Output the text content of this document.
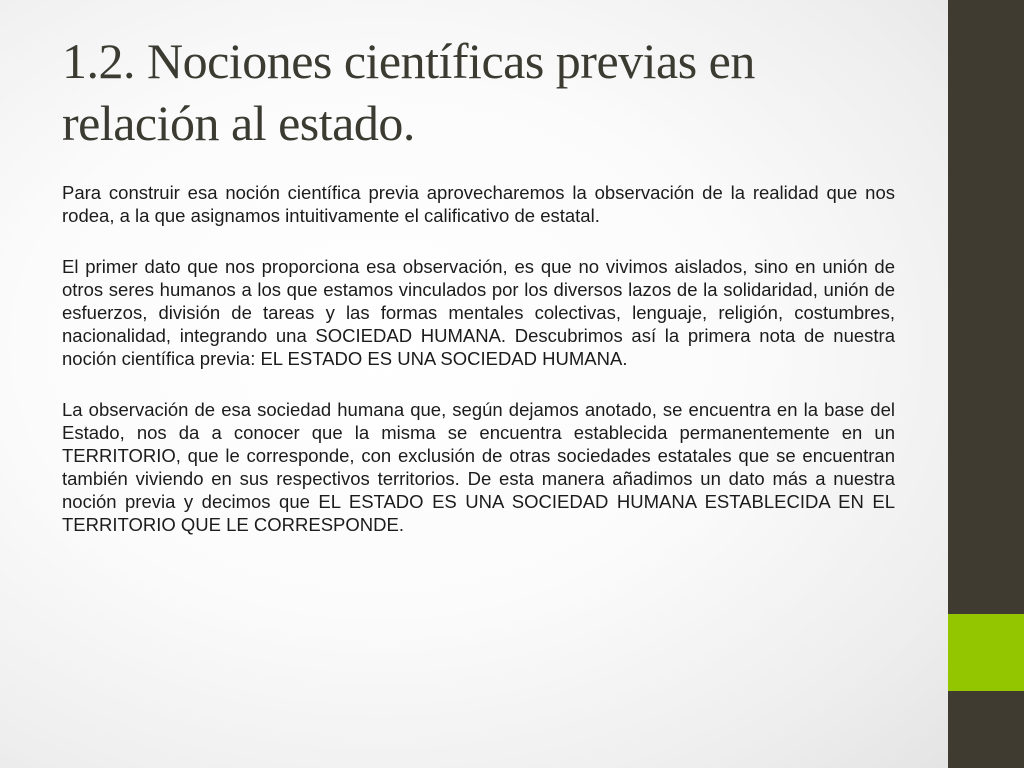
1.2. Nociones científicas previas en relación al estado.

Para construir esa noción científica previa aprovecharemos la observación de la realidad que nos rodea, a la que asignamos intuitivamente el calificativo de estatal.

El primer dato que nos proporciona esa observación, es que no vivimos aislados, sino en unión de otros seres humanos a los que estamos vinculados por los diversos lazos de la solidaridad, unión de esfuerzos, división de tareas y las formas mentales colectivas, lenguaje, religión, costumbres, nacionalidad, integrando una SOCIEDAD HUMANA. Descubrimos así la primera nota de nuestra noción científica previa: EL ESTADO ES UNA SOCIEDAD HUMANA.

La observación de esa sociedad humana que, según dejamos anotado, se encuentra en la base del Estado, nos da a conocer que la misma se encuentra establecida permanentemente en un TERRITORIO, que le corresponde, con exclusión de otras sociedades estatales que se encuentran también viviendo en sus respectivos territorios. De esta manera añadimos un dato más a nuestra noción previa y decimos que EL ESTADO ES UNA SOCIEDAD HUMANA ESTABLECIDA EN EL TERRITORIO QUE LE CORRESPONDE.
